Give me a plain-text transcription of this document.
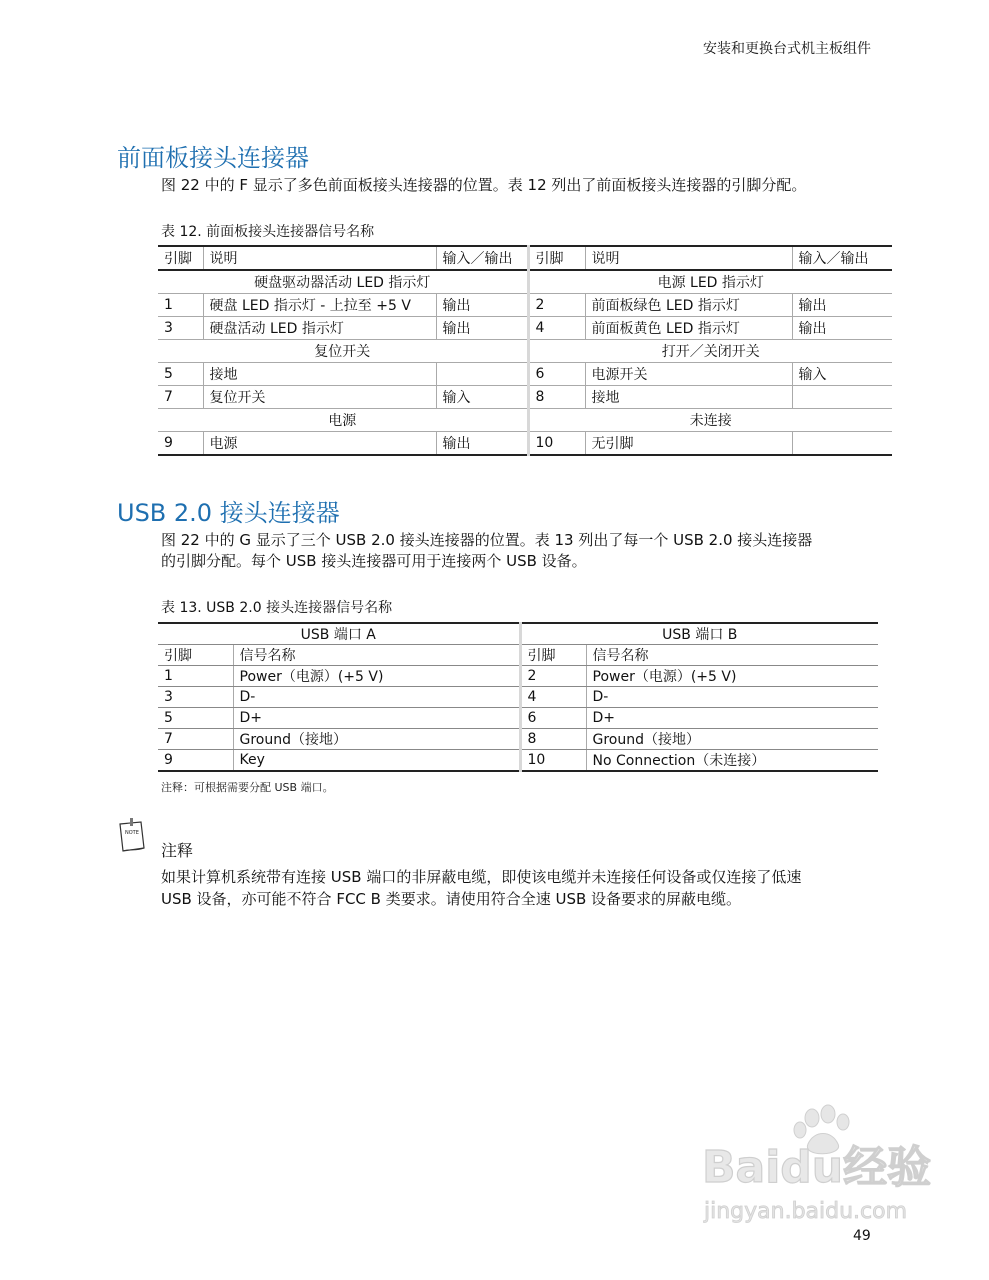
安装和更换台式机主板组件
前面板接头连接器
图 22 中的 F 显示了多色前面板接头连接器的位置。表 12 列出了前面板接头连接器的引脚分配。
表 12. 前面板接头连接器信号名称
引脚	说明	输入／输出	引脚	说明	输入／输出
硬盘驱动器活动 LED 指示灯			电源 LED 指示灯		
1	硬盘 LED 指示灯 - 上拉至 +5 V	输出	2	前面板绿色 LED 指示灯	输出
3	硬盘活动 LED 指示灯	输出	4	前面板黄色 LED 指示灯	输出
复位开关			打开／关闭开关		
5	接地		6	电源开关	输入
7	复位开关	输入	8	接地	
电源			未连接		
9	电源	输出	10	无引脚	
USB 2.0 接头连接器
图 22 中的 G 显示了三个 USB 2.0 接头连接器的位置。表 13 列出了每一个 USB 2.0 接头连接器
的引脚分配。每个 USB 接头连接器可用于连接两个 USB 设备。
表 13. USB 2.0 接头连接器信号名称
USB 端口 A		USB 端口 B	
引脚	信号名称	引脚	信号名称
1	Power（电源）(+5 V)	2	Power（电源）(+5 V)
3	D-	4	D-
5	D+	6	D+
7	Ground（接地）	8	Ground（接地）
9	Key	10	No Connection（未连接）
注释：可根据需要分配 USB 端口。
NOTE
注释
如果计算机系统带有连接 USB 端口的非屏蔽电缆，即使该电缆并未连接任何设备或仅连接了低速
USB 设备，亦可能不符合 FCC B 类要求。请使用符合全速 USB 设备要求的屏蔽电缆。
Baidu经验
jingyan.baidu.com
49
